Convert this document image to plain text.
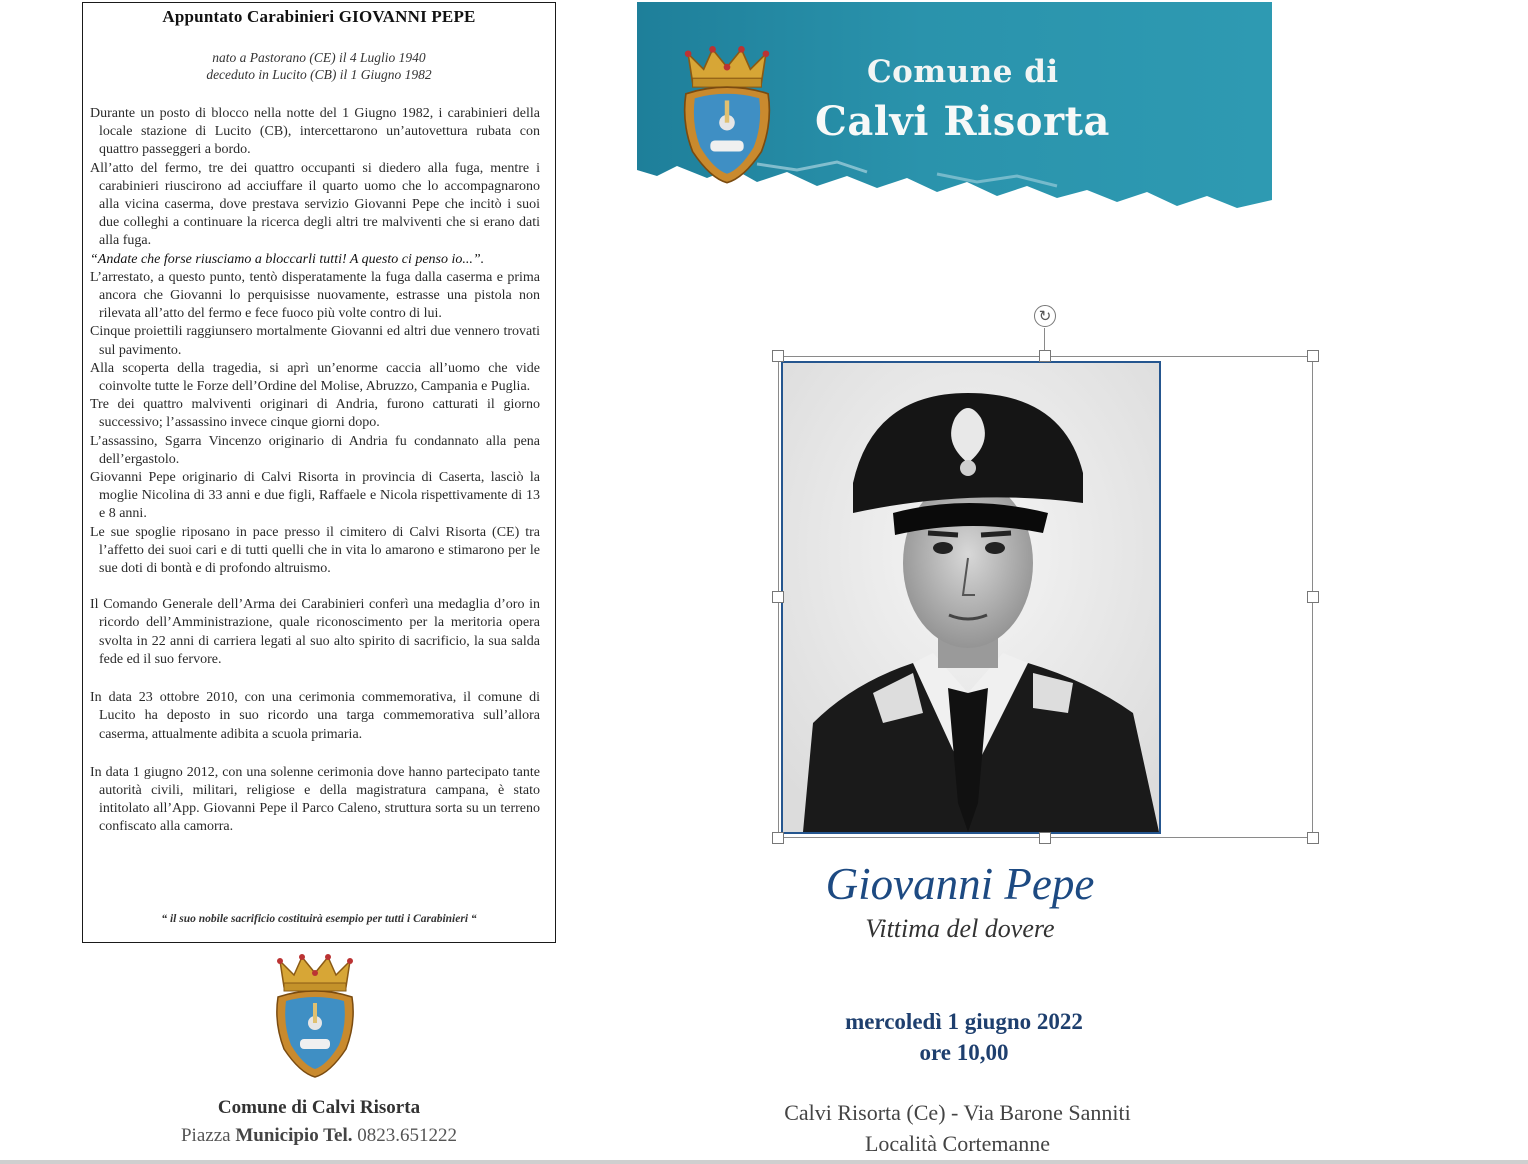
Appuntato Carabinieri GIOVANNI PEPE
nato a Pastorano (CE) il 4 Luglio 1940
deceduto in Lucito (CB) il 1 Giugno 1982

Durante un posto di blocco nella notte del 1 Giugno 1982, i carabinieri della locale stazione di Lucito (CB), intercettarono un’autovettura rubata con quattro passeggeri a bordo.

All’atto del fermo, tre dei quattro occupanti si diedero alla fuga, mentre i carabinieri riuscirono ad acciuffare il quarto uomo che lo accompagnarono alla vicina caserma, dove prestava servizio Giovanni Pepe che incitò i suoi due colleghi a continuare la ricerca degli altri tre malviventi che si erano dati alla fuga.

“Andate che forse riusciamo a bloccarli tutti! A questo ci penso io...”.

L’arrestato, a questo punto, tentò disperatamente la fuga dalla caserma e prima ancora che Giovanni lo perquisisse nuovamente, estrasse una pistola non rilevata all’atto del fermo e fece fuoco più volte contro di lui.

Cinque proiettili raggiunsero mortalmente Giovanni ed altri due vennero trovati sul pavimento.

Alla scoperta della tragedia, si aprì un’enorme caccia all’uomo che vide coinvolte tutte le Forze dell’Ordine del Molise, Abruzzo, Campania e Puglia.

Tre dei quattro malviventi originari di Andria, furono catturati il giorno successivo; l’assassino invece cinque giorni dopo.

L’assassino, Sgarra Vincenzo originario di Andria fu condannato alla pena dell’ergastolo.

Giovanni Pepe originario di Calvi Risorta in provincia di Caserta, lasciò la moglie Nicolina di 33 anni e due figli, Raffaele e Nicola rispettivamente di 13 e 8 anni.

Le sue spoglie riposano in pace presso il cimitero di Calvi Risorta (CE) tra l’affetto dei suoi cari e di tutti quelli che in vita lo amarono e stimarono per le sue doti di bontà e di profondo altruismo.

Il Comando Generale dell’Arma dei Carabinieri conferì una medaglia d’oro in ricordo dell’Amministrazione, quale riconoscimento per la meritoria opera svolta in 22 anni di carriera legati al suo alto spirito di sacrificio, la sua salda fede ed il suo fervore.

In data 23 ottobre 2010, con una cerimonia commemorativa, il comune di Lucito ha deposto in suo ricordo una targa commemorativa sull’allora caserma, attualmente adibita a scuola primaria.

In data 1 giugno 2012, con una solenne cerimonia dove hanno partecipato tante autorità civili, militari, religiose e della magistratura campana, è stato intitolato all’App. Giovanni Pepe il Parco Caleno, struttura sorta su un terreno confiscato alla camorra.

“ il suo nobile sacrificio costituirà esempio per tutti i Carabinieri “
Comune di Calvi Risorta
Piazza Municipio Tel. 0823.651222
Comune di
Calvi Risorta
↻
Giovanni Pepe
Vittima del dovere
mercoledì 1 giugno 2022
ore 10,00
Calvi Risorta (Ce) - Via Barone Sanniti
Località Cortemanne
